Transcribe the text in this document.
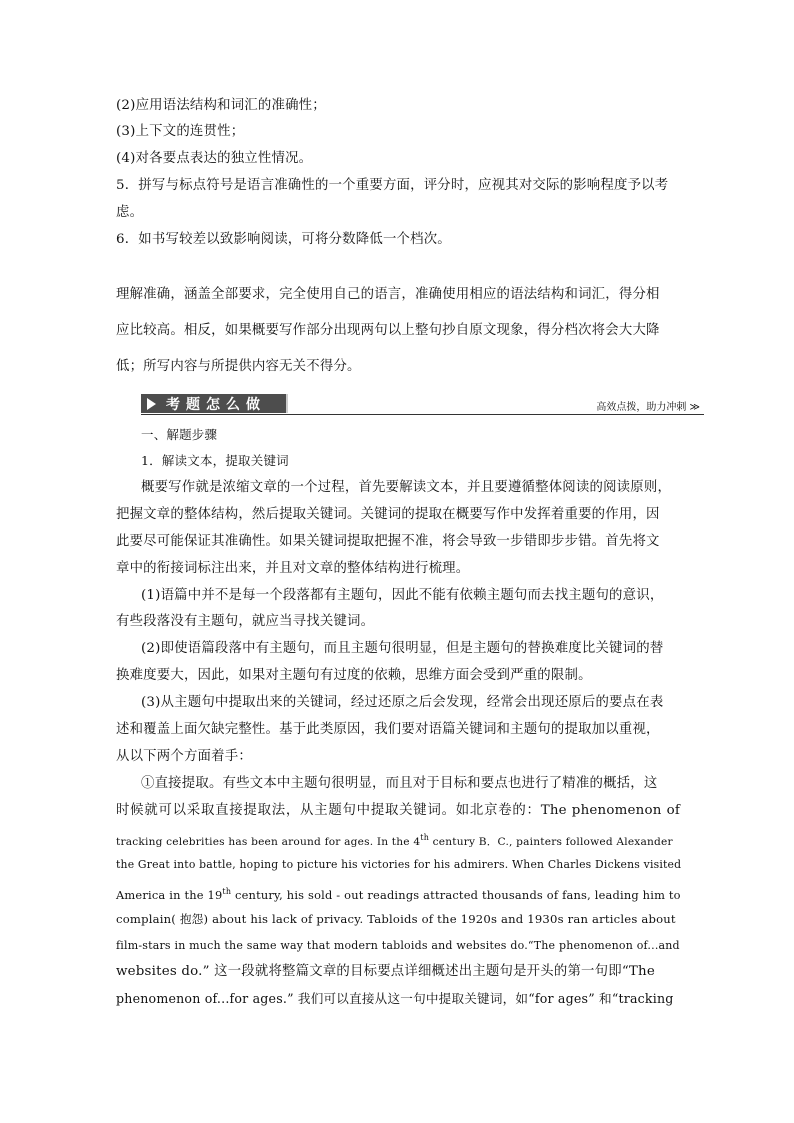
(2)应用语法结构和词汇的准确性；
(3)上下文的连贯性；
(4)对各要点表达的独立性情况。
5．拼写与标点符号是语言准确性的一个重要方面，评分时，应视其对交际的影响程度予以考
虑。
6．如书写较差以致影响阅读，可将分数降低一个档次。
理解准确，涵盖全部要求，完全使用自己的语言，准确使用相应的语法结构和词汇，得分相
应比较高。相反，如果概要写作部分出现两句以上整句抄自原文现象，得分档次将会大大降
低；所写内容与所提供内容无关不得分。
考题怎么做	高效点拨，助力冲刺 ≫
一、解题步骤
1．解读文本，提取关键词
概要写作就是浓缩文章的一个过程，首先要解读文本，并且要遵循整体阅读的阅读原则，
把握文章的整体结构，然后提取关键词。关键词的提取在概要写作中发挥着重要的作用，因
此要尽可能保证其准确性。如果关键词提取把握不准，将会导致一步错即步步错。首先将文
章中的衔接词标注出来，并且对文章的整体结构进行梳理。
(1)语篇中并不是每一个段落都有主题句，因此不能有依赖主题句而去找主题句的意识，
有些段落没有主题句，就应当寻找关键词。
(2)即使语篇段落中有主题句，而且主题句很明显，但是主题句的替换难度比关键词的替
换难度要大，因此，如果对主题句有过度的依赖，思维方面会受到严重的限制。
(3)从主题句中提取出来的关键词，经过还原之后会发现，经常会出现还原后的要点在表
述和覆盖上面欠缺完整性。基于此类原因，我们要对语篇关键词和主题句的提取加以重视，
从以下两个方面着手：
①直接提取。有些文本中主题句很明显，而且对于目标和要点也进行了精准的概括，这
时候就可以采取直接提取法，从主题句中提取关键词。如北京卷的：The phenomenon of
tracking celebrities has been around for ages. In the 4th century B．C., painters followed Alexander
the Great into battle, hoping to picture his victories for his admirers. When Charles Dickens visited
America in the 19th century, his sold - out readings attracted thousands of fans, leading him to
complain( 抱怨) about his lack of privacy. Tabloids of the 1920s and 1930s ran articles about
film-stars in much the same way that modern tabloids and websites do.“The phenomenon of...and
websites do.” 这一段就将整篇文章的目标要点详细概述出主题句是开头的第一句即“The
phenomenon of...for ages.” 我们可以直接从这一句中提取关键词，如“for ages” 和“tracking
